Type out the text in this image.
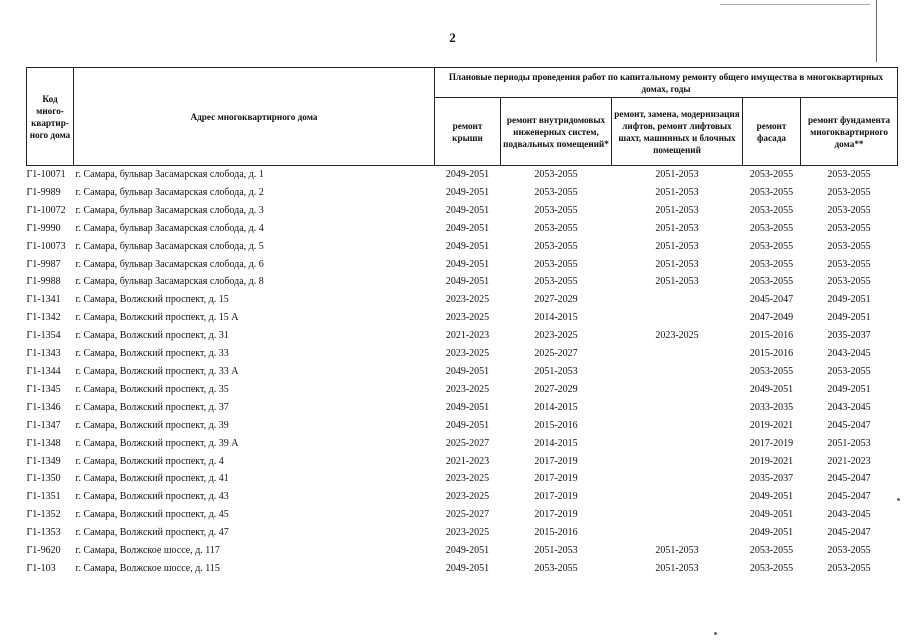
2
Код много-квартир-ного дома	Адрес многоквартирного дома	Плановые периоды проведения работ по капитальному ремонту общего имущества в многоквартирных домах, годы				
		ремонт крыши	ремонт внутридомовых инженерных систем, подвальных помещений*	ремонт, замена, модернизация лифтов, ремонт лифтовых шахт, машинных и блочных помещений	ремонт фасада	ремонт фундамента многоквартирного дома**
Г1-10071	г. Самара, бульвар Засамарская слобода, д. 1	2049-2051	2053-2055	2051-2053	2053-2055	2053-2055
Г1-9989	г. Самара, бульвар Засамарская слобода, д. 2	2049-2051	2053-2055	2051-2053	2053-2055	2053-2055
Г1-10072	г. Самара, бульвар Засамарская слобода, д. 3	2049-2051	2053-2055	2051-2053	2053-2055	2053-2055
Г1-9990	г. Самара, бульвар Засамарская слобода, д. 4	2049-2051	2053-2055	2051-2053	2053-2055	2053-2055
Г1-10073	г. Самара, бульвар Засамарская слобода, д. 5	2049-2051	2053-2055	2051-2053	2053-2055	2053-2055
Г1-9987	г. Самара, бульвар Засамарская слобода, д. 6	2049-2051	2053-2055	2051-2053	2053-2055	2053-2055
Г1-9988	г. Самара, бульвар Засамарская слобода, д. 8	2049-2051	2053-2055	2051-2053	2053-2055	2053-2055
Г1-1341	г. Самара, Волжский проспект, д. 15	2023-2025	2027-2029		2045-2047	2049-2051
Г1-1342	г. Самара, Волжский проспект, д. 15 А	2023-2025	2014-2015		2047-2049	2049-2051
Г1-1354	г. Самара, Волжский проспект, д. 31	2021-2023	2023-2025	2023-2025	2015-2016	2035-2037
Г1-1343	г. Самара, Волжский проспект, д. 33	2023-2025	2025-2027		2015-2016	2043-2045
Г1-1344	г. Самара, Волжский проспект, д. 33 А	2049-2051	2051-2053		2053-2055	2053-2055
Г1-1345	г. Самара, Волжский проспект, д. 35	2023-2025	2027-2029		2049-2051	2049-2051
Г1-1346	г. Самара, Волжский проспект, д. 37	2049-2051	2014-2015		2033-2035	2043-2045
Г1-1347	г. Самара, Волжский проспект, д. 39	2049-2051	2015-2016		2019-2021	2045-2047
Г1-1348	г. Самара, Волжский проспект, д. 39 А	2025-2027	2014-2015		2017-2019	2051-2053
Г1-1349	г. Самара, Волжский проспект, д. 4	2021-2023	2017-2019		2019-2021	2021-2023
Г1-1350	г. Самара, Волжский проспект, д. 41	2023-2025	2017-2019		2035-2037	2045-2047
Г1-1351	г. Самара, Волжский проспект, д. 43	2023-2025	2017-2019		2049-2051	2045-2047
Г1-1352	г. Самара, Волжский проспект, д. 45	2025-2027	2017-2019		2049-2051	2043-2045
Г1-1353	г. Самара, Волжский проспект, д. 47	2023-2025	2015-2016		2049-2051	2045-2047
Г1-9620	г. Самара, Волжское шоссе, д. 117	2049-2051	2051-2053	2051-2053	2053-2055	2053-2055
Г1-103	г. Самара, Волжское шоссе, д. 115	2049-2051	2053-2055	2051-2053	2053-2055	2053-2055
